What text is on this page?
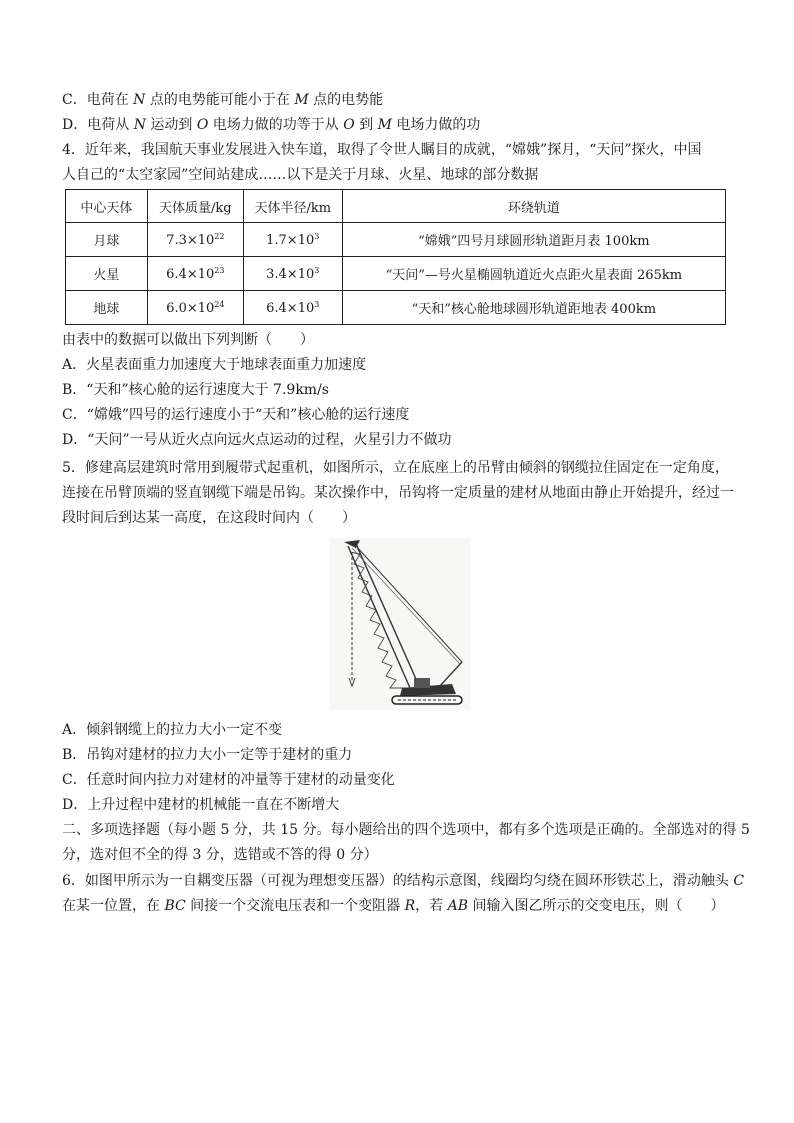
C．电荷在 N 点的电势能可能小于在 M 点的电势能
D．电荷从 N 运动到 O 电场力做的功等于从 O 到 M 电场力做的功
4．近年来，我国航天事业发展进入快车道，取得了令世人瞩目的成就，“嫦娥”探月，“天问”探火，中国
人自己的“太空家园”空间站建成……以下是关于月球、火星、地球的部分数据
中心天体	天体质量/kg	天体半径/km	环绕轨道
月球	$7.3\times 10^{22}$	$1.7\times 10^3$	“嫦娥”四号月球圆形轨道距月表 100km
火星	$6.4\times 10^{23}$	$3.4\times 10^3$	“天问”—号火星椭圆轨道近火点距火星表面 265km
地球	$6.0\times 10^{24}$	$6.4\times 10^3$	“天和”核心舱地球圆形轨道距地表 400km
由表中的数据可以做出下列判断（　　）
A．火星表面重力加速度大于地球表面重力加速度
B．“天和”核心舱的运行速度大于 7.9km/s
C．“嫦娥”四号的运行速度小于“天和”核心舱的运行速度
D．“天问”一号从近火点向远火点运动的过程，火星引力不做功
5．修建高层建筑时常用到履带式起重机，如图所示，立在底座上的吊臂由倾斜的钢缆拉住固定在一定角度，
连接在吊臂顶端的竖直钢缆下端是吊钩。某次操作中，吊钩将一定质量的建材从地面由静止开始提升，经过一
段时间后到达某一高度，在这段时间内（　　）
A．倾斜钢缆上的拉力大小一定不变
B．吊钩对建材的拉力大小一定等于建材的重力
C．任意时间内拉力对建材的冲量等于建材的动量变化
D．上升过程中建材的机械能一直在不断增大
二、多项选择题（每小题 5 分，共 15 分。每小题给出的四个选项中，都有多个选项是正确的。全部选对的得 5
分，选对但不全的得 3 分，选错或不答的得 0 分）
6．如图甲所示为一自耦变压器（可视为理想变压器）的结构示意图，线圈均匀绕在圆环形铁芯上，滑动触头 C
在某一位置，在 BC 间接一个交流电压表和一个变阻器 R，若 AB 间输入图乙所示的交变电压，则（　　）
